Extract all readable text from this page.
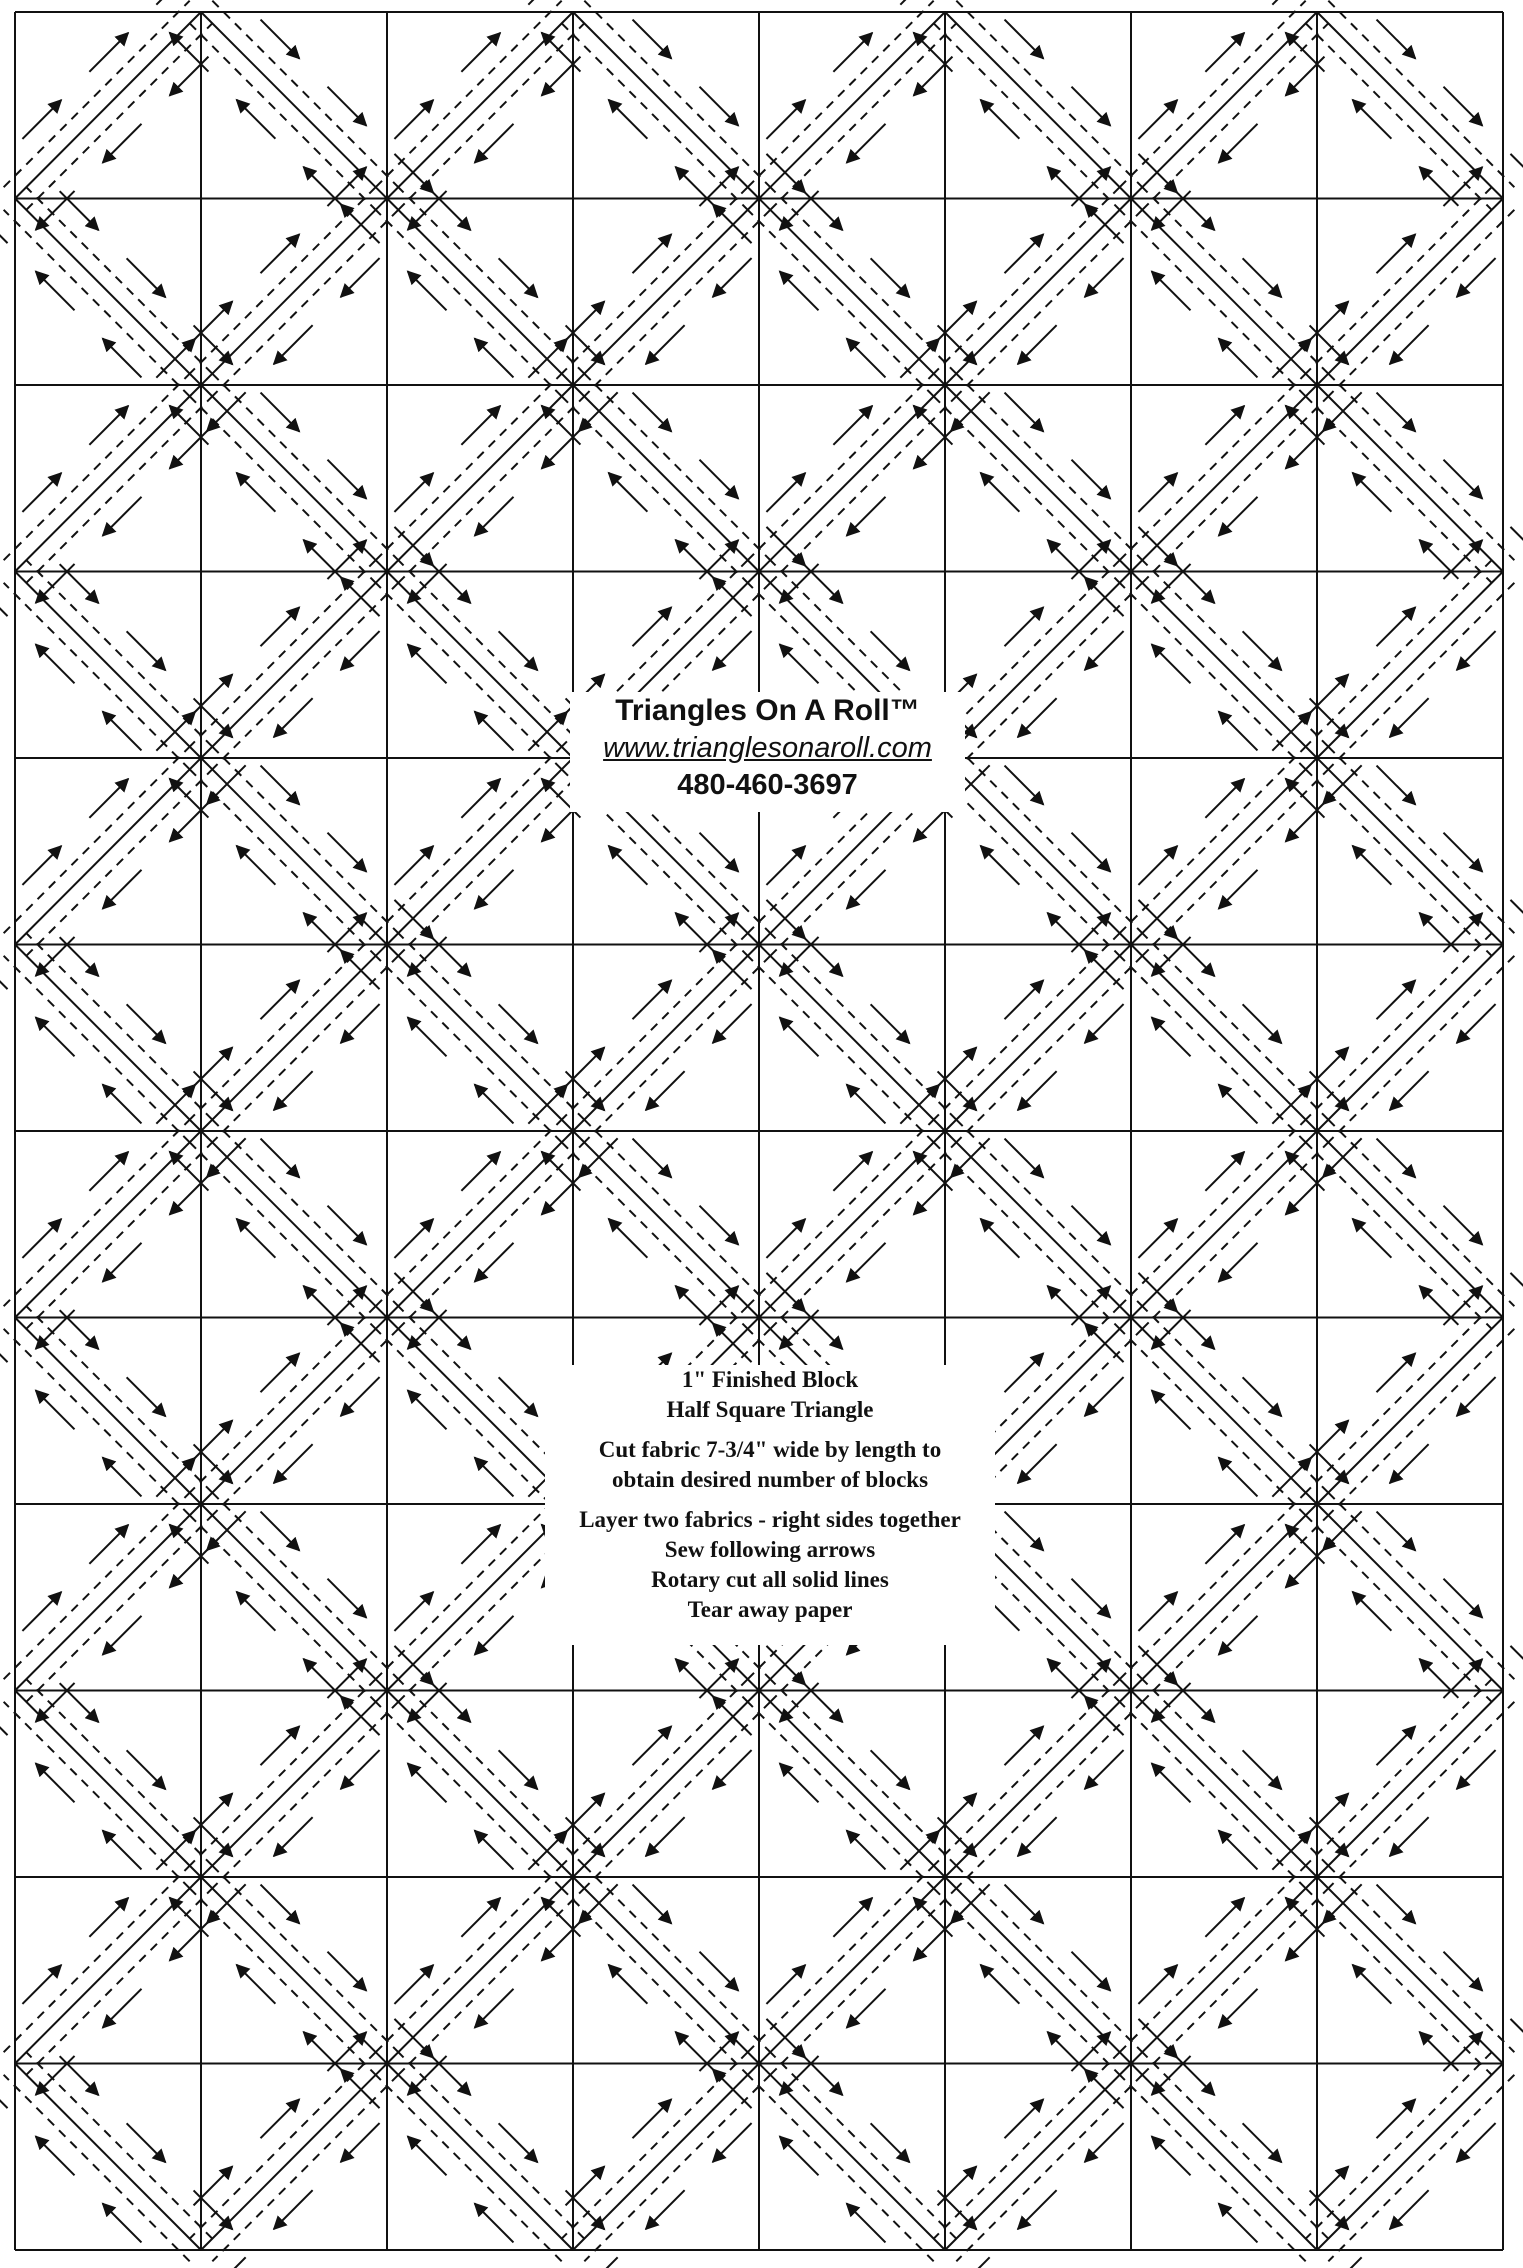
Triangles On A Roll™
www.trianglesonaroll.com
480-460-3697
1" Finished Block
Half Square Triangle
Cut fabric 7-3/4" wide by length to
obtain desired number of blocks
Layer two fabrics - right sides together
Sew following arrows
Rotary cut all solid lines
Tear away paper
